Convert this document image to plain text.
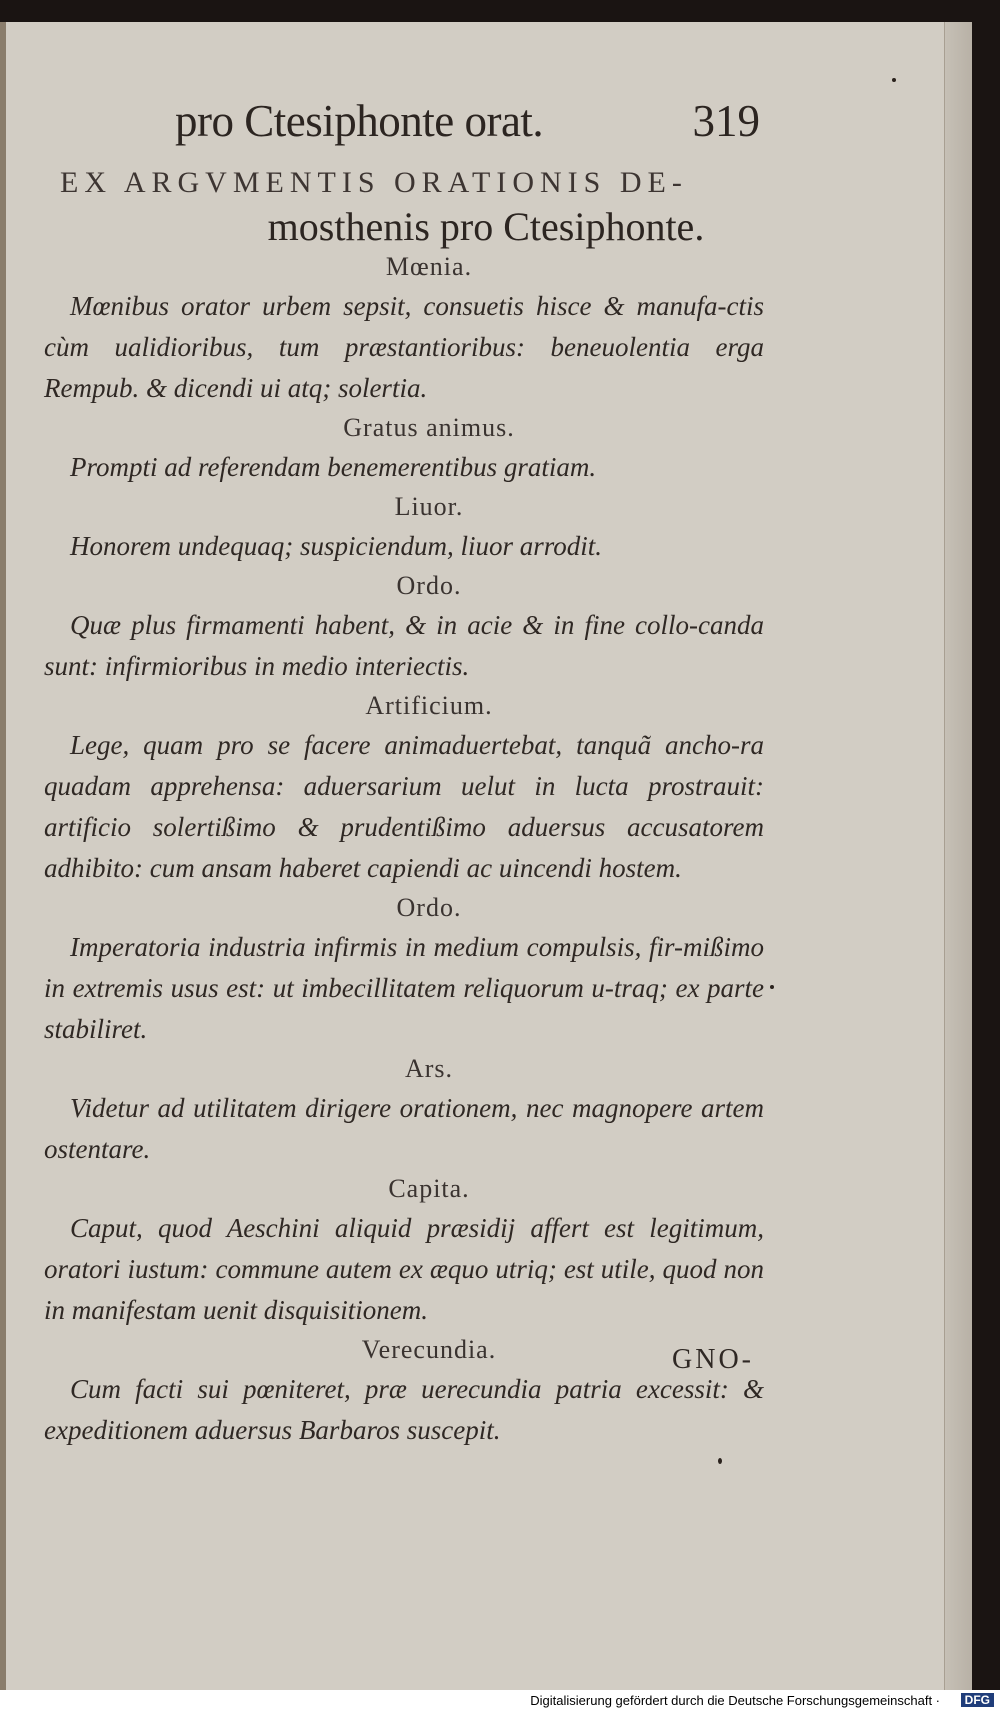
pro Ctesiphonte orat.	319
EX ARGVMENTIS ORATIONIS DE-
mosthenis pro Ctesiphonte.
Mœnia.

Mœnibus orator urbem sepsit, consuetis hisce & manufa-ctis cùm ualidioribus, tum præstantioribus: beneuolentia erga Rempub. & dicendi ui atq; solertia.

Gratus animus.

Prompti ad referendam benemerentibus gratiam.

Liuor.

Honorem undequaq; suspiciendum, liuor arrodit.

Ordo.

Quæ plus firmamenti habent, & in acie & in fine collo-canda sunt: infirmioribus in medio interiectis.

Artificium.

Lege, quam pro se facere animaduertebat, tanquã ancho-ra quadam apprehensa: aduersarium uelut in lucta prostrauit: artificio solertißimo & prudentißimo aduersus accusatorem adhibito: cum ansam haberet capiendi ac uincendi hostem.

Ordo.

Imperatoria industria infirmis in medium compulsis, fir-mißimo in extremis usus est: ut imbecillitatem reliquorum u-traq; ex parte stabiliret.

Ars.

Videtur ad utilitatem dirigere orationem, nec magnopere artem ostentare.

Capita.

Caput, quod Aeschini aliquid præsidij affert est legitimum, oratori iustum: commune autem ex æquo utriq; est utile, quod non in manifestam uenit disquisitionem.

Verecundia.

Cum facti sui pœniteret, præ uerecundia patria excessit: & expeditionem aduersus Barbaros suscepit.

GNO-
Digitalisierung gefördert durch die Deutsche Forschungsgemeinschaft ·	DFG
